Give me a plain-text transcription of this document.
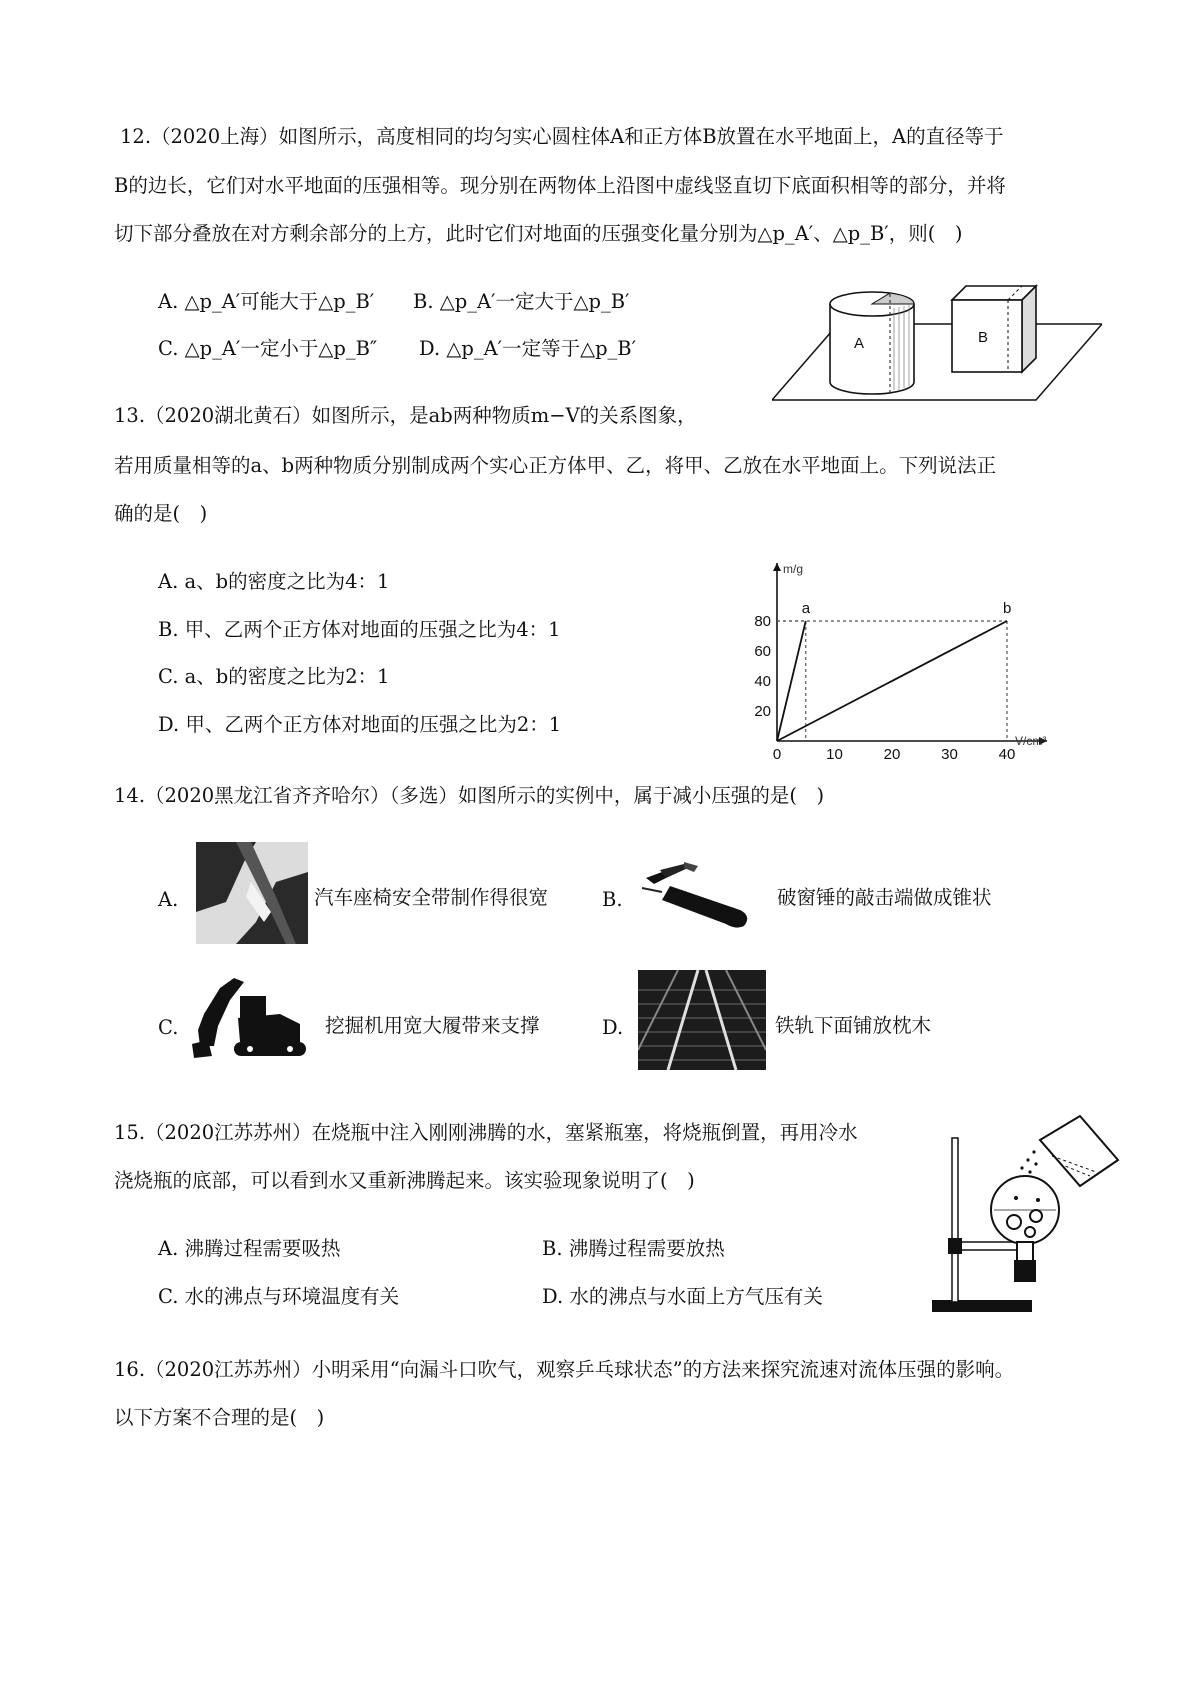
12.（2020上海）如图所示，高度相同的均匀实心圆柱体A和正方体B放置在水平地面上，A的直径等于
B的边长，它们对水平地面的压强相等。现分别在两物体上沿图中虚线竖直切下底面积相等的部分，并将
切下部分叠放在对方剩余部分的上方，此时它们对地面的压强变化量分别为△p_A′、△p_B′，则(　)
A. △p_A′可能大于△p_B′ B. △p_A′一定大于△p_B′
C. △p_A′一定小于△p_B″ D. △p_A′一定等于△p_B′	A	B
13.（2020湖北黄石）如图所示，是ab两种物质m−V的关系图象，
若用质量相等的a、b两种物质分别制成两个实心正方体甲、乙，将甲、乙放在水平地面上。下列说法正
确的是(　)
A. a、b的密度之比为4：1
B. 甲、乙两个正方体对地面的压强之比为4：1
C. a、b的密度之比为2：1
D. 甲、乙两个正方体对地面的压强之比为2：1
m/g
V/cm³
0	10	20	30	40
20
40
60
80
a	b
14.（2020黑龙江省齐齐哈尔）（多选）如图所示的实例中，属于减小压强的是(　)
A.	汽车座椅安全带制作得很宽	B.	破窗锤的敲击端做成锥状
C.	挖掘机用宽大履带来支撑	D.	铁轨下面铺放枕木
15.（2020江苏苏州）在烧瓶中注入刚刚沸腾的水，塞紧瓶塞，将烧瓶倒置，再用冷水
浇烧瓶的底部，可以看到水又重新沸腾起来。该实验现象说明了(　)
A. 沸腾过程需要吸热	B. 沸腾过程需要放热
C. 水的沸点与环境温度有关	D. 水的沸点与水面上方气压有关
16.（2020江苏苏州）小明采用“向漏斗口吹气，观察乒乓球状态”的方法来探究流速对流体压强的影响。
以下方案不合理的是(　)
